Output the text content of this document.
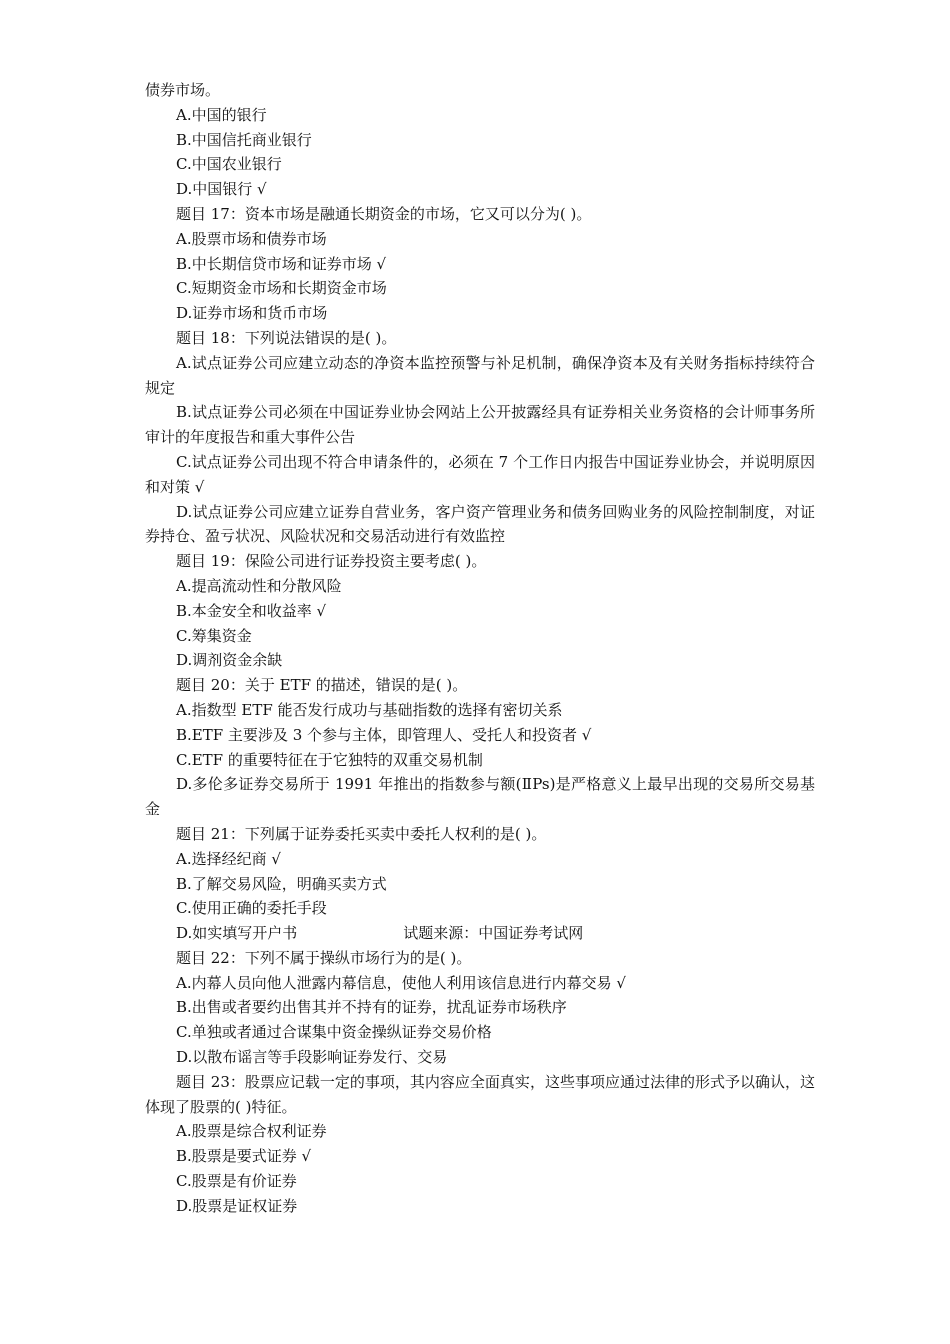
债券市场。
A.中国的银行
B.中国信托商业银行
C.中国农业银行
D.中国银行 √
题目 17：资本市场是融通长期资金的市场，它又可以分为( )。
A.股票市场和债券市场
B.中长期信贷市场和证券市场 √
C.短期资金市场和长期资金市场
D.证券市场和货币市场
题目 18：下列说法错误的是( )。
A.试点证券公司应建立动态的净资本监控预警与补足机制，确保净资本及有关财务指标持续符合规定
B.试点证券公司必须在中国证券业协会网站上公开披露经具有证券相关业务资格的会计师事务所审计的年度报告和重大事件公告
C.试点证券公司出现不符合申请条件的，必须在 7 个工作日内报告中国证券业协会，并说明原因和对策 √
D.试点证券公司应建立证券自营业务，客户资产管理业务和债务回购业务的风险控制制度，对证券持仓、盈亏状况、风险状况和交易活动进行有效监控
题目 19：保险公司进行证券投资主要考虑( )。
A.提高流动性和分散风险
B.本金安全和收益率 √
C.筹集资金
D.调剂资金余缺
题目 20：关于 ETF 的描述，错误的是( )。
A.指数型 ETF 能否发行成功与基础指数的选择有密切关系
B.ETF 主要涉及 3 个参与主体，即管理人、受托人和投资者 √
C.ETF 的重要特征在于它独特的双重交易机制
D.多伦多证券交易所于 1991 年推出的指数参与额(ⅡPs)是严格意义上最早出现的交易所交易基金
题目 21：下列属于证券委托买卖中委托人权利的是( )。
A.选择经纪商 √
B.了解交易风险，明确买卖方式
C.使用正确的委托手段
D.如实填写开户书	试题来源：中国证券考试网
题目 22：下列不属于操纵市场行为的是( )。
A.内幕人员向他人泄露内幕信息，使他人利用该信息进行内幕交易 √
B.出售或者要约出售其并不持有的证券，扰乱证券市场秩序
C.单独或者通过合谋集中资金操纵证券交易价格
D.以散布谣言等手段影响证券发行、交易
题目 23：股票应记载一定的事项，其内容应全面真实，这些事项应通过法律的形式予以确认，这体现了股票的( )特征。
A.股票是综合权利证券
B.股票是要式证券 √
C.股票是有价证券
D.股票是证权证券
